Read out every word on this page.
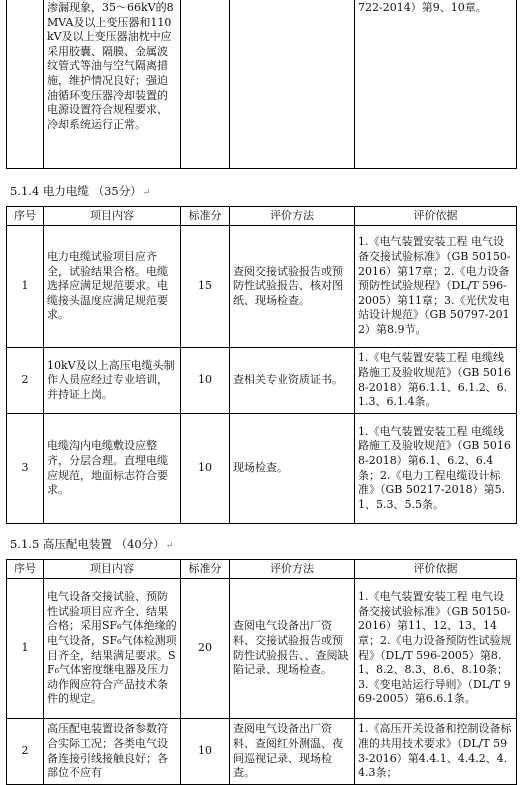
	渗漏现象，35～66kV的8MVA及以上变压器和110kV及以上变压器油枕中应采用胶囊、隔膜、金属波纹管式等油与空气隔离措施，维护情况良好；强迫油循环变压器冷却装置的电源设置符合规程要求、冷却系统运行正常。			722-2014）第9、10章。
5.1.4 电力电缆 （35分）↵
序号	项目内容	标准分	评价方法	评价依据
1	电力电缆试验项目应齐全，试验结果合格。电缆选择应满足规范要求。电缆接头温度应满足规范要求。	15	查阅交接试验报告或预防性试验报告、核对图纸、现场检查。	1.《电气装置安装工程 电气设备交接试验标准》（GB 50150-2016）第17章；2.《电力设备预防性试验规程》（DL/T 596-2005）第11章；3.《光伏发电站设计规范》（GB 50797-2012）第8.9节。
2	10kV及以上高压电缆头制作人员应经过专业培训，并持证上岗。	10	查相关专业资质证书。	1.《电气装置安装工程 电缆线路施工及验收规范》（GB 50168-2018）第6.1.1、6.1.2、6.1.3、6.1.4条。
3	电缆沟内电缆敷设应整齐，分层合理。直埋电缆应规范，地面标志符合要求。	10	现场检查。	1.《电气装置安装工程 电缆线路施工及验收规范》（GB 50168-2018）第6.1、6.2、6.4条；2.《电力工程电缆设计标准》（GB 50217-2018）第5.1、5.3、5.5条。
5.1.5 高压配电装置 （40分）↵
序号	项目内容	标准分	评价方法	评价依据
1	电气设备交接试验、预防性试验项目应齐全、结果合格；采用SF₆气体绝缘的电气设备，SF₆气体检测项目齐全，结果满足要求。SF₆气体密度继电器及压力动作阀应符合产品技术条件的规定。	20	查阅电气设备出厂资料、交接试验报告或预防性试验报告、、查阅缺陷记录、现场检查。	1.《电气装置安装工程 电气设备交接试验标准》（GB 50150-2016）第11、12、13、14章；2.《电力设备预防性试验规程》（DL/T 596-2005）第8.1、8.2、8.3、8.6、8.10条；3.《变电站运行导则》（DL/T 969-2005）第6.6.1条。
2	高压配电装置设备参数符合实际工况；各类电气设备连接引线接触良好；各部位不应有	10	查阅电气设备出厂资料、查阅红外测温、夜间巡视记录、现场检查。	1.《高压开关设备和控制设备标准的共用技术要求》（DL/T 593-2016）第4.4.1、4.4.2、4.4.3条；
